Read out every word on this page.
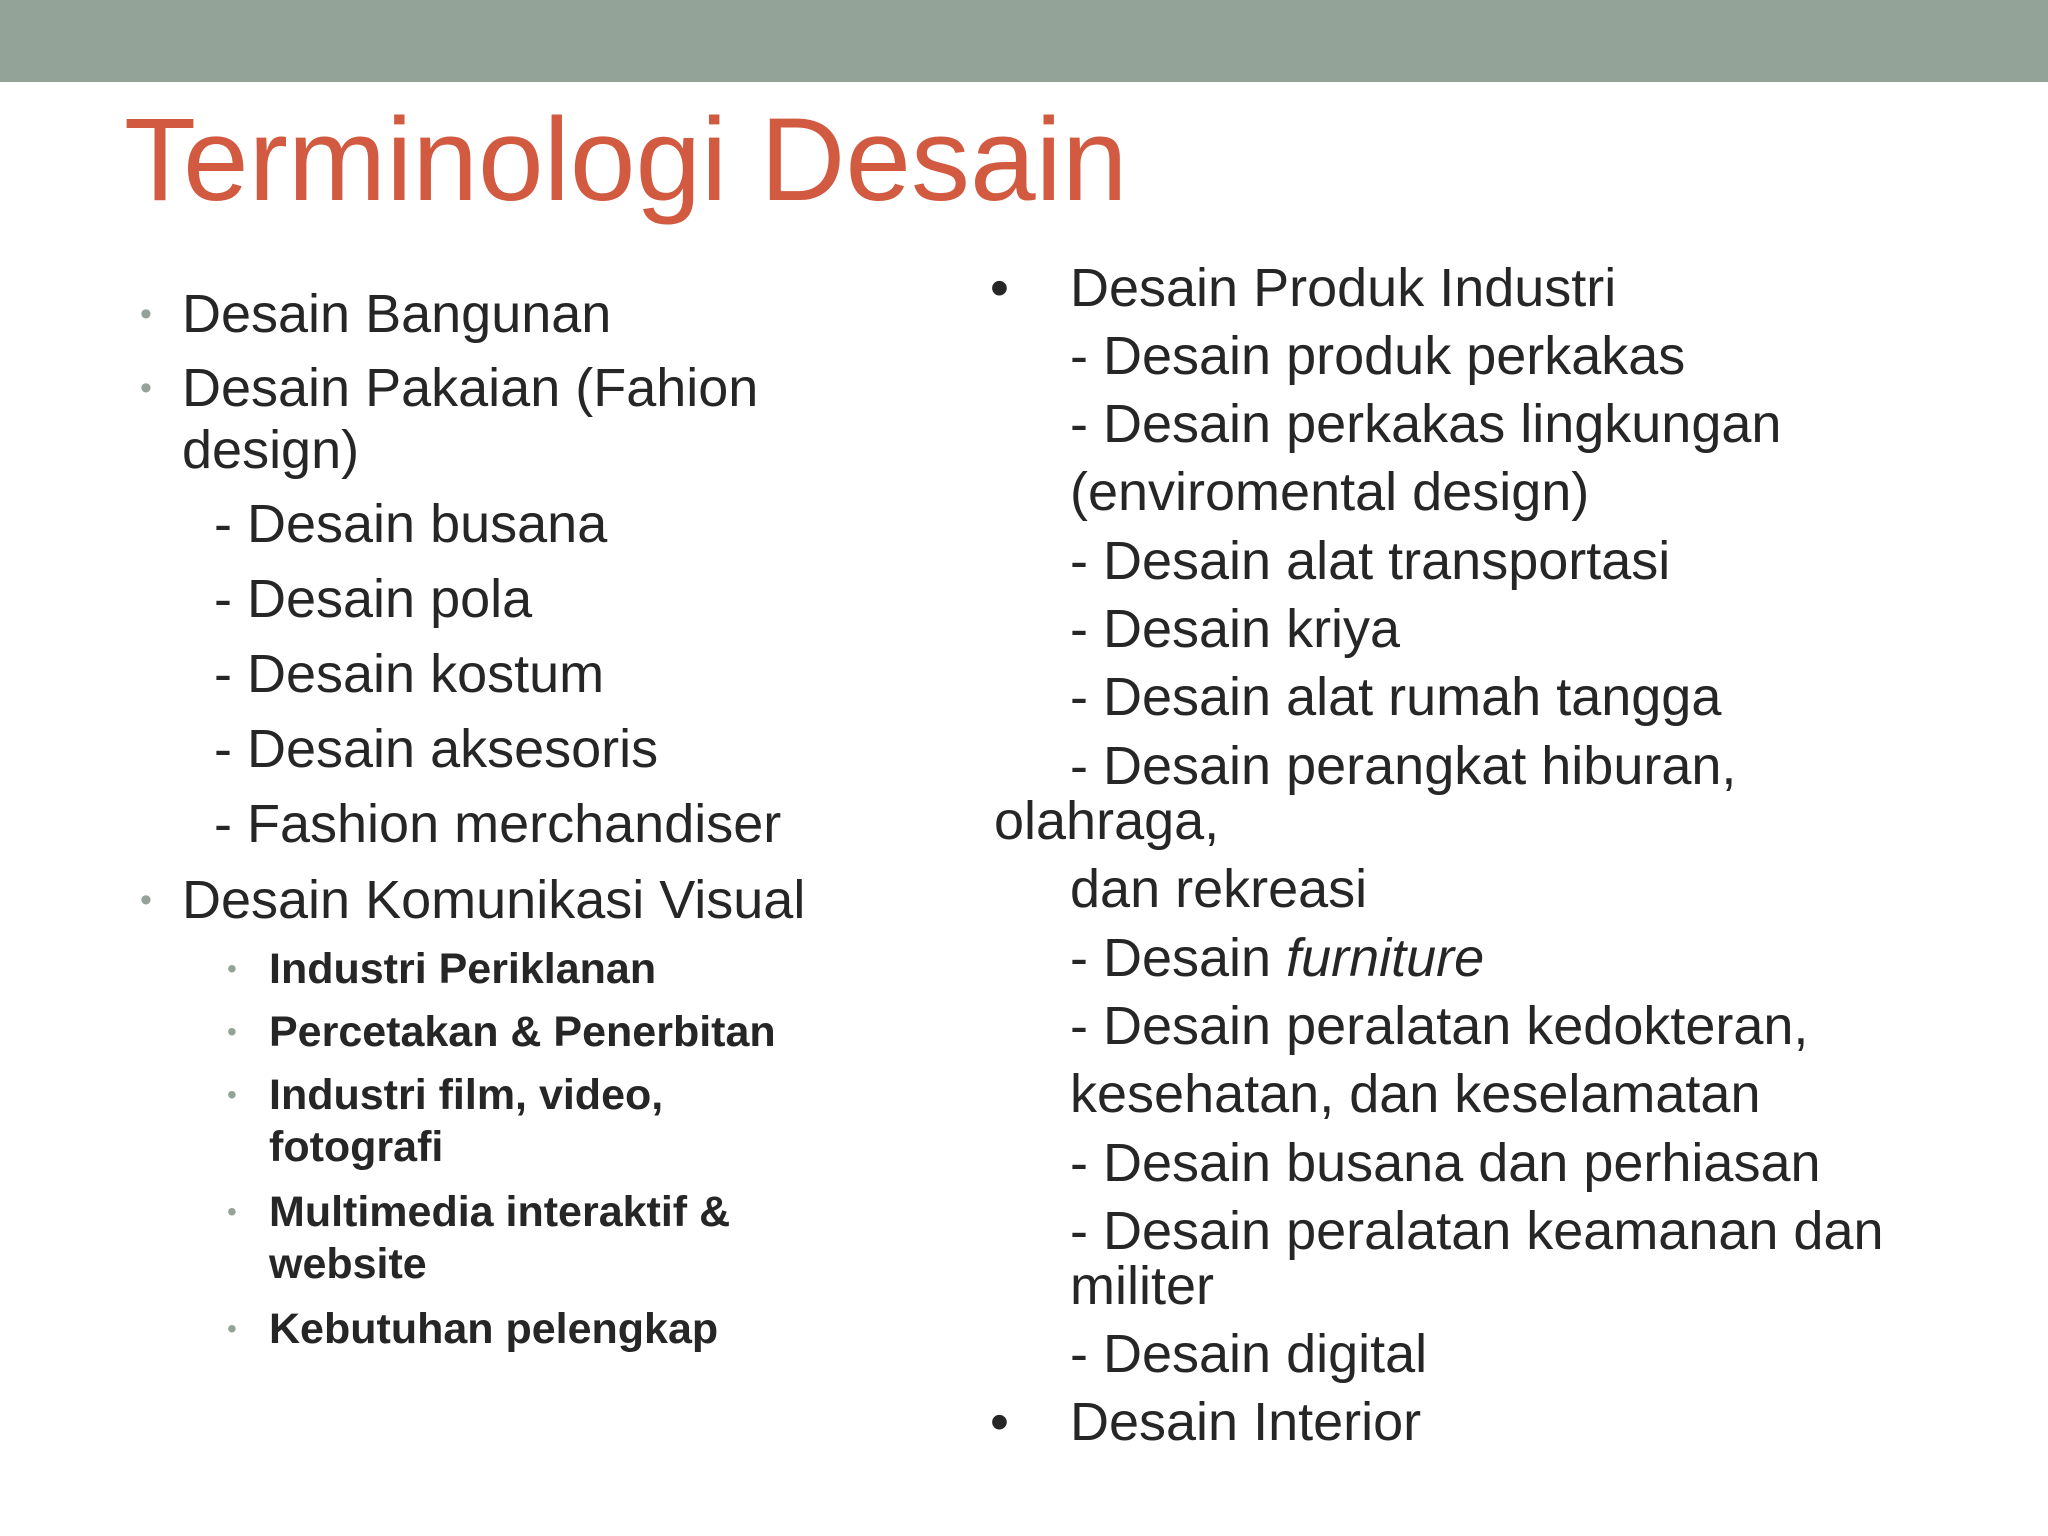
Terminologi Desain
• Desain Bangunan

• Desain Pakaian (Fahion

design)

- Desain busana

- Desain pola

- Desain kostum

- Desain aksesoris

- Fashion merchandiser

• Desain Komunikasi Visual

• Industri Periklanan

• Percetakan & Penerbitan

• Industri film, video,

fotografi

• Multimedia interaktif &

website

• Kebutuhan pelengkap

• Desain Produk Industri

- Desain produk perkakas

- Desain perkakas lingkungan

(enviromental design)

- Desain alat transportasi

- Desain kriya

- Desain alat rumah tangga

- Desain perangkat hiburan,

olahraga,

dan rekreasi

- Desain furniture

- Desain peralatan kedokteran,

kesehatan, dan keselamatan

- Desain busana dan perhiasan

- Desain peralatan keamanan dan

militer

- Desain digital

• Desain Interior
